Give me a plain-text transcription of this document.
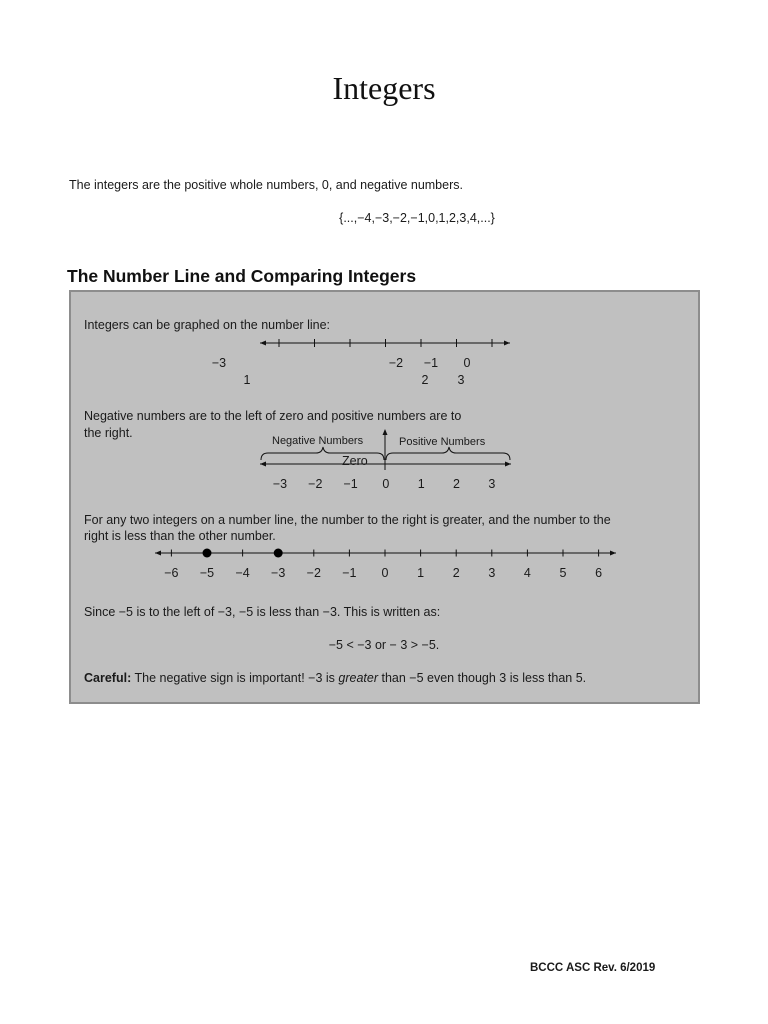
Integers
The integers are the positive whole numbers, 0, and negative numbers.
{...,−4,−3,−2,−1,0,1,2,3,4,...}
The Number Line and Comparing Integers
Integers can be graphed on the number line:
−3	−2	−1	0
1	2	3
Negative numbers are to the left of zero and positive numbers are to
the right.
Negative Numbers	Positive Numbers
Zero
−3	−2	−1	0	1	2	3
For any two integers on a number line, the number to the right is greater, and the number to the
right is less than the other number.
−6	−5	−4	−3	−2	−1	0	1	2	3	4	5	6
Since −5 is to the left of −3, −5 is less than −3. This is written as:
−5 < −3 or − 3 > −5.
Careful: The negative sign is important! −3 is greater than −5 even though 3 is less than 5.
BCCC ASC Rev. 6/2019
